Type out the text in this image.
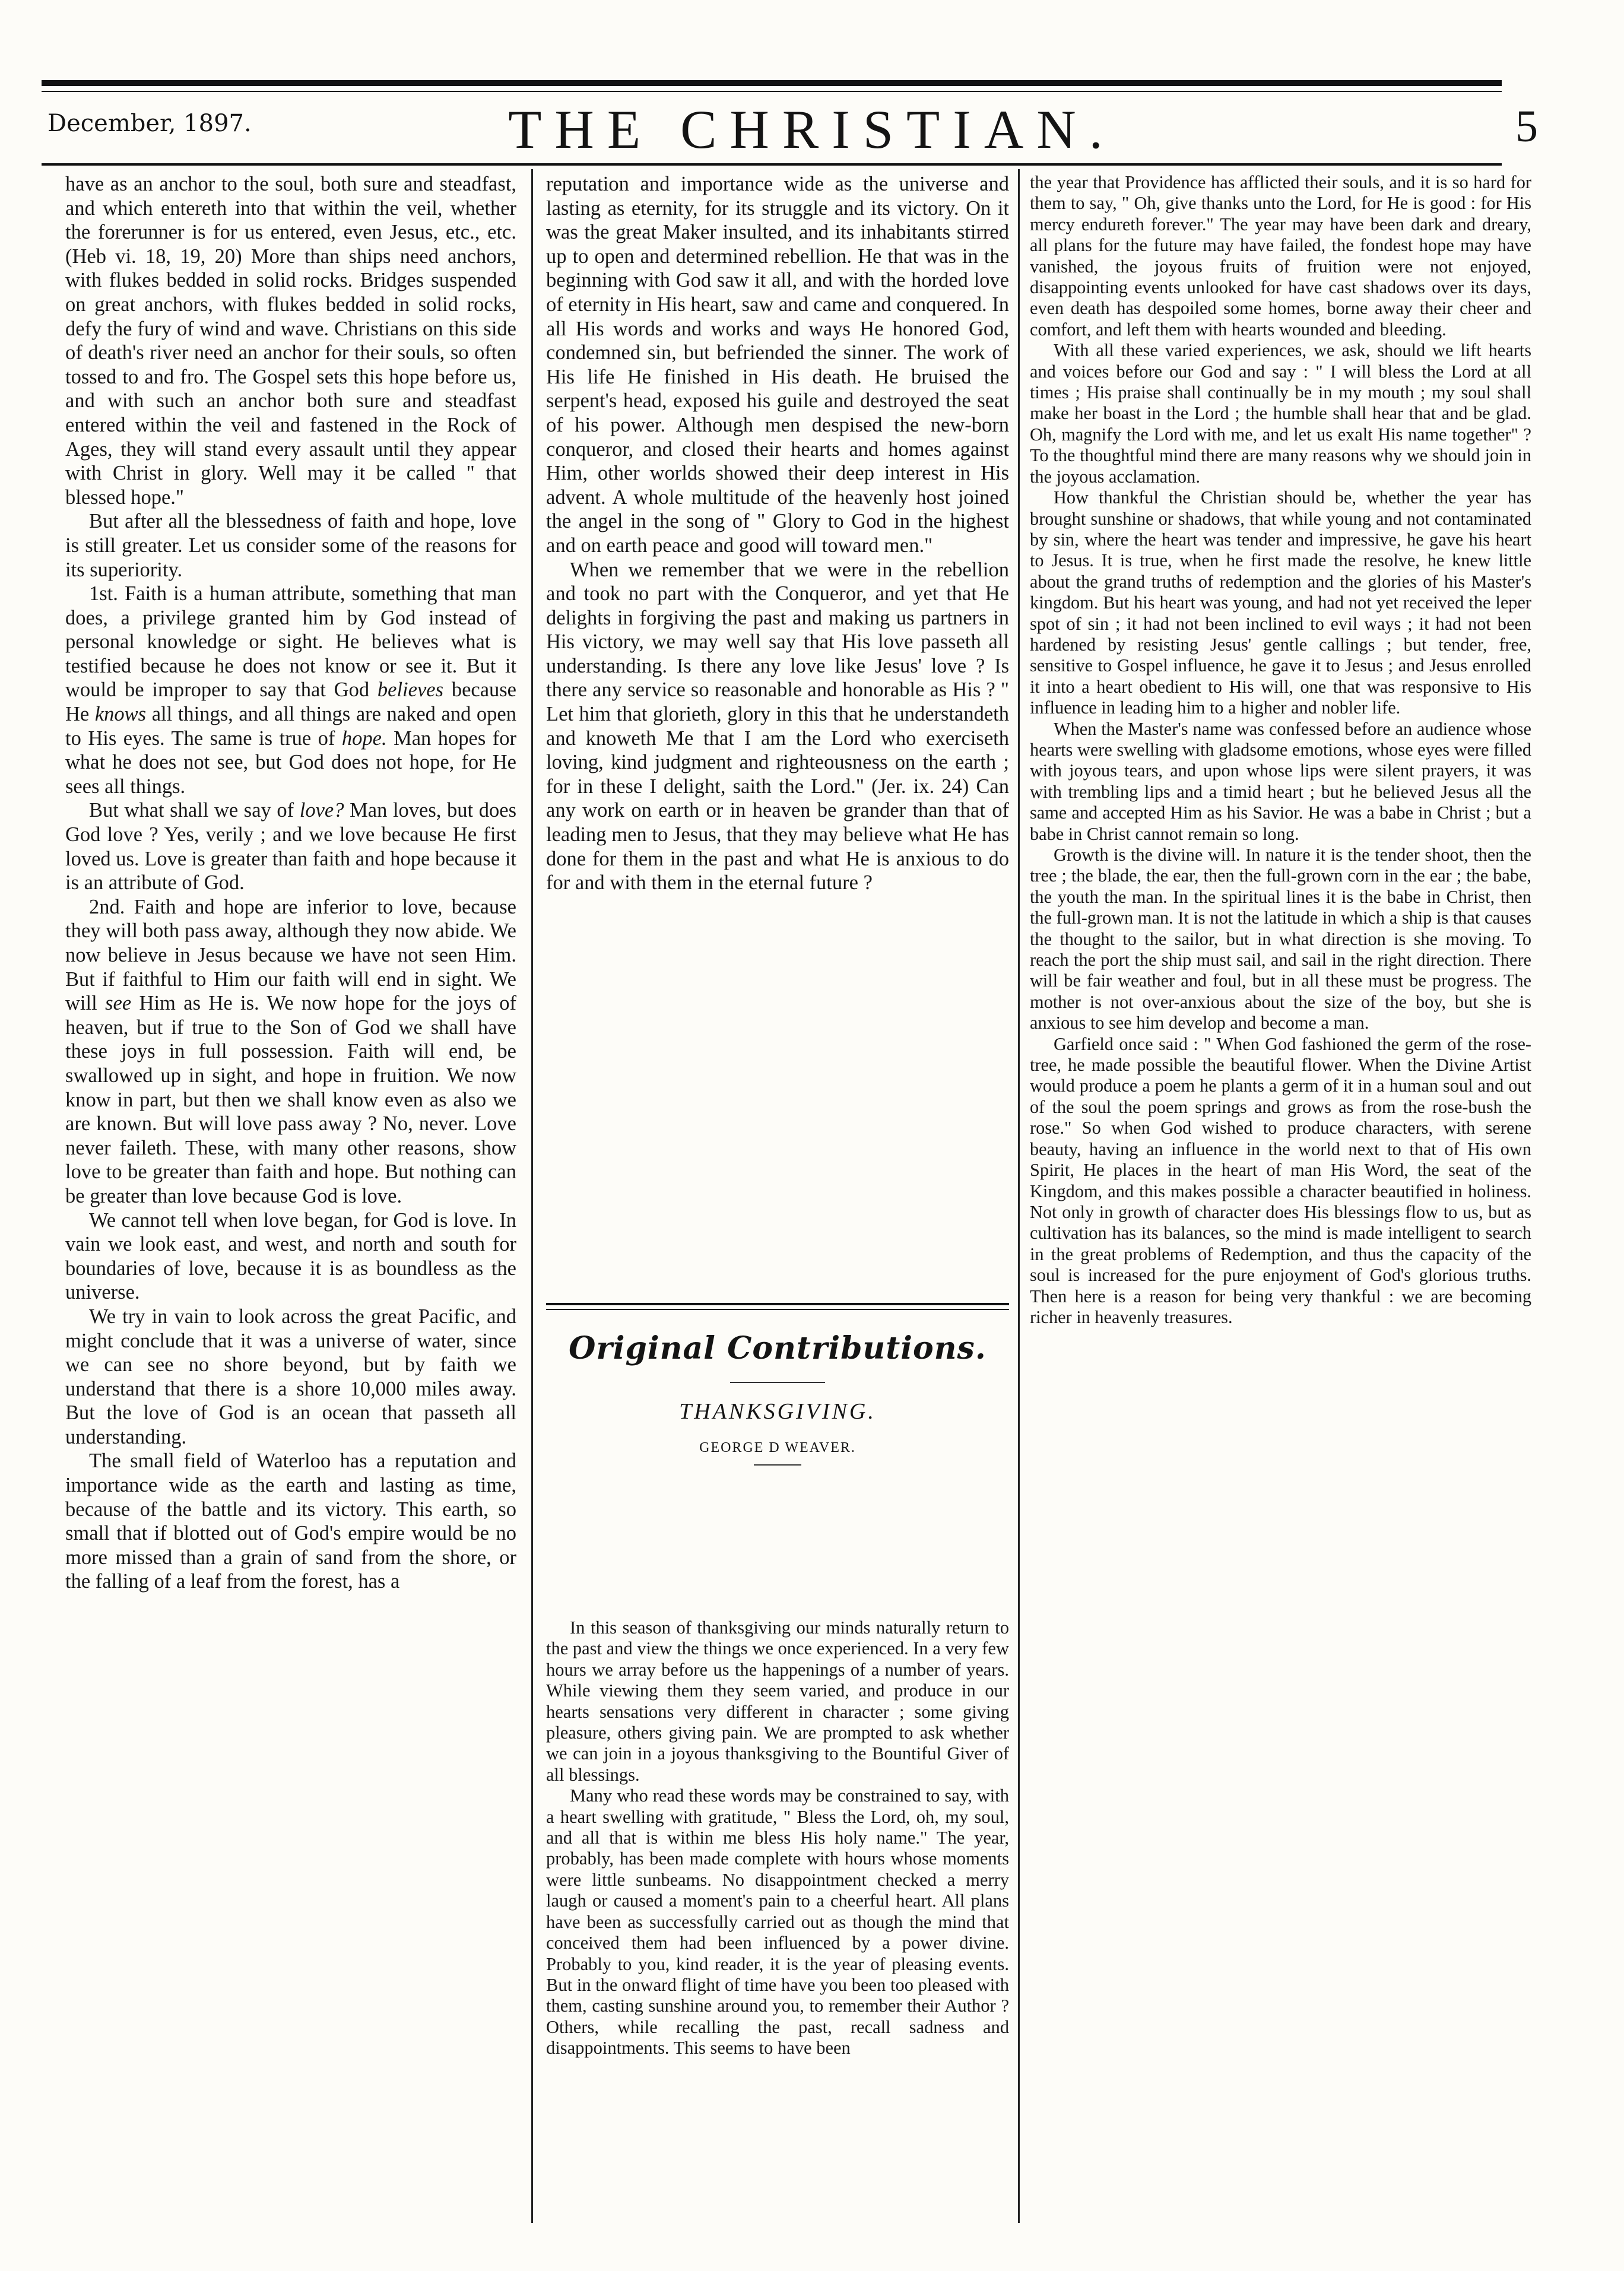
December, 1897.	THE CHRISTIAN.	5

have as an anchor to the soul, both sure and steadfast, and which entereth into that within the veil, whether the forerunner is for us entered, even Jesus, etc., etc. (Heb vi. 18, 19, 20) More than ships need anchors, with flukes bedded in solid rocks. Bridges suspended on great anchors, with flukes bedded in solid rocks, defy the fury of wind and wave. Christians on this side of death's river need an anchor for their souls, so often tossed to and fro. The Gospel sets this hope before us, and with such an anchor both sure and steadfast entered within the veil and fastened in the Rock of Ages, they will stand every assault until they appear with Christ in glory. Well may it be called " that blessed hope."

But after all the blessedness of faith and hope, love is still greater. Let us consider some of the reasons for its superiority.

1st. Faith is a human attribute, something that man does, a privilege granted him by God instead of personal knowledge or sight. He believes what is testified because he does not know or see it. But it would be improper to say that God believes because He knows all things, and all things are naked and open to His eyes. The same is true of hope. Man hopes for what he does not see, but God does not hope, for He sees all things.

But what shall we say of love? Man loves, but does God love ? Yes, verily ; and we love because He first loved us. Love is greater than faith and hope because it is an attribute of God.

2nd. Faith and hope are inferior to love, because they will both pass away, although they now abide. We now believe in Jesus because we have not seen Him. But if faithful to Him our faith will end in sight. We will see Him as He is. We now hope for the joys of heaven, but if true to the Son of God we shall have these joys in full possession. Faith will end, be swallowed up in sight, and hope in fruition. We now know in part, but then we shall know even as also we are known. But will love pass away ? No, never. Love never faileth. These, with many other reasons, show love to be greater than faith and hope. But nothing can be greater than love because God is love.

We cannot tell when love began, for God is love. In vain we look east, and west, and north and south for boundaries of love, because it is as boundless as the universe.

We try in vain to look across the great Pacific, and might conclude that it was a universe of water, since we can see no shore beyond, but by faith we understand that there is a shore 10,000 miles away. But the love of God is an ocean that passeth all understanding.

The small field of Waterloo has a reputation and importance wide as the earth and lasting as time, because of the battle and its victory. This earth, so small that if blotted out of God's empire would be no more missed than a grain of sand from the shore, or the falling of a leaf from the forest, has a

reputation and importance wide as the universe and lasting as eternity, for its struggle and its victory. On it was the great Maker insulted, and its inhabitants stirred up to open and determined rebellion. He that was in the beginning with God saw it all, and with the horded love of eternity in His heart, saw and came and conquered. In all His words and works and ways He honored God, condemned sin, but befriended the sinner. The work of His life He finished in His death. He bruised the serpent's head, exposed his guile and destroyed the seat of his power. Although men despised the new-born conqueror, and closed their hearts and homes against Him, other worlds showed their deep interest in His advent. A whole multitude of the heavenly host joined the angel in the song of " Glory to God in the highest and on earth peace and good will toward men."

When we remember that we were in the rebellion and took no part with the Conqueror, and yet that He delights in forgiving the past and making us partners in His victory, we may well say that His love passeth all understanding. Is there any love like Jesus' love ? Is there any service so reasonable and honorable as His ? " Let him that glorieth, glory in this that he understandeth and knoweth Me that I am the Lord who exerciseth loving, kind judgment and righteousness on the earth ; for in these I delight, saith the Lord." (Jer. ix. 24) Can any work on earth or in heaven be grander than that of leading men to Jesus, that they may believe what He has done for them in the past and what He is anxious to do for and with them in the eternal future ?

Original Contributions.
THANKSGIVING.
GEORGE D WEAVER.

In this season of thanksgiving our minds naturally return to the past and view the things we once experienced. In a very few hours we array before us the happenings of a number of years. While viewing them they seem varied, and produce in our hearts sensations very different in character ; some giving pleasure, others giving pain. We are prompted to ask whether we can join in a joyous thanksgiving to the Bountiful Giver of all blessings.

Many who read these words may be constrained to say, with a heart swelling with gratitude, " Bless the Lord, oh, my soul, and all that is within me bless His holy name." The year, probably, has been made complete with hours whose moments were little sunbeams. No disappointment checked a merry laugh or caused a moment's pain to a cheerful heart. All plans have been as successfully carried out as though the mind that conceived them had been influenced by a power divine. Probably to you, kind reader, it is the year of pleasing events. But in the onward flight of time have you been too pleased with them, casting sunshine around you, to remember their Author ? Others, while recalling the past, recall sadness and disappointments. This seems to have been

the year that Providence has afflicted their souls, and it is so hard for them to say, " Oh, give thanks unto the Lord, for He is good : for His mercy endureth forever." The year may have been dark and dreary, all plans for the future may have failed, the fondest hope may have vanished, the joyous fruits of fruition were not enjoyed, disappointing events unlooked for have cast shadows over its days, even death has despoiled some homes, borne away their cheer and comfort, and left them with hearts wounded and bleeding.

With all these varied experiences, we ask, should we lift hearts and voices before our God and say : " I will bless the Lord at all times ; His praise shall continually be in my mouth ; my soul shall make her boast in the Lord ; the humble shall hear that and be glad. Oh, magnify the Lord with me, and let us exalt His name together" ? To the thoughtful mind there are many reasons why we should join in the joyous acclamation.

How thankful the Christian should be, whether the year has brought sunshine or shadows, that while young and not contaminated by sin, where the heart was tender and impressive, he gave his heart to Jesus. It is true, when he first made the resolve, he knew little about the grand truths of redemption and the glories of his Master's kingdom. But his heart was young, and had not yet received the leper spot of sin ; it had not been inclined to evil ways ; it had not been hardened by resisting Jesus' gentle callings ; but tender, free, sensitive to Gospel influence, he gave it to Jesus ; and Jesus enrolled it into a heart obedient to His will, one that was responsive to His influence in leading him to a higher and nobler life.

When the Master's name was confessed before an audience whose hearts were swelling with gladsome emotions, whose eyes were filled with joyous tears, and upon whose lips were silent prayers, it was with trembling lips and a timid heart ; but he believed Jesus all the same and accepted Him as his Savior. He was a babe in Christ ; but a babe in Christ cannot remain so long.

Growth is the divine will. In nature it is the tender shoot, then the tree ; the blade, the ear, then the full-grown corn in the ear ; the babe, the youth the man. In the spiritual lines it is the babe in Christ, then the full-grown man. It is not the latitude in which a ship is that causes the thought to the sailor, but in what direction is she moving. To reach the port the ship must sail, and sail in the right direction. There will be fair weather and foul, but in all these must be progress. The mother is not over-anxious about the size of the boy, but she is anxious to see him develop and become a man.

Garfield once said : " When God fashioned the germ of the rose-tree, he made possible the beautiful flower. When the Divine Artist would produce a poem he plants a germ of it in a human soul and out of the soul the poem springs and grows as from the rose-bush the rose." So when God wished to produce characters, with serene beauty, having an influence in the world next to that of His own Spirit, He places in the heart of man His Word, the seat of the Kingdom, and this makes possible a character beautified in holiness. Not only in growth of character does His blessings flow to us, but as cultivation has its balances, so the mind is made intelligent to search in the great problems of Redemption, and thus the capacity of the soul is increased for the pure enjoyment of God's glorious truths. Then here is a reason for being very thankful : we are becoming richer in heavenly treasures.
